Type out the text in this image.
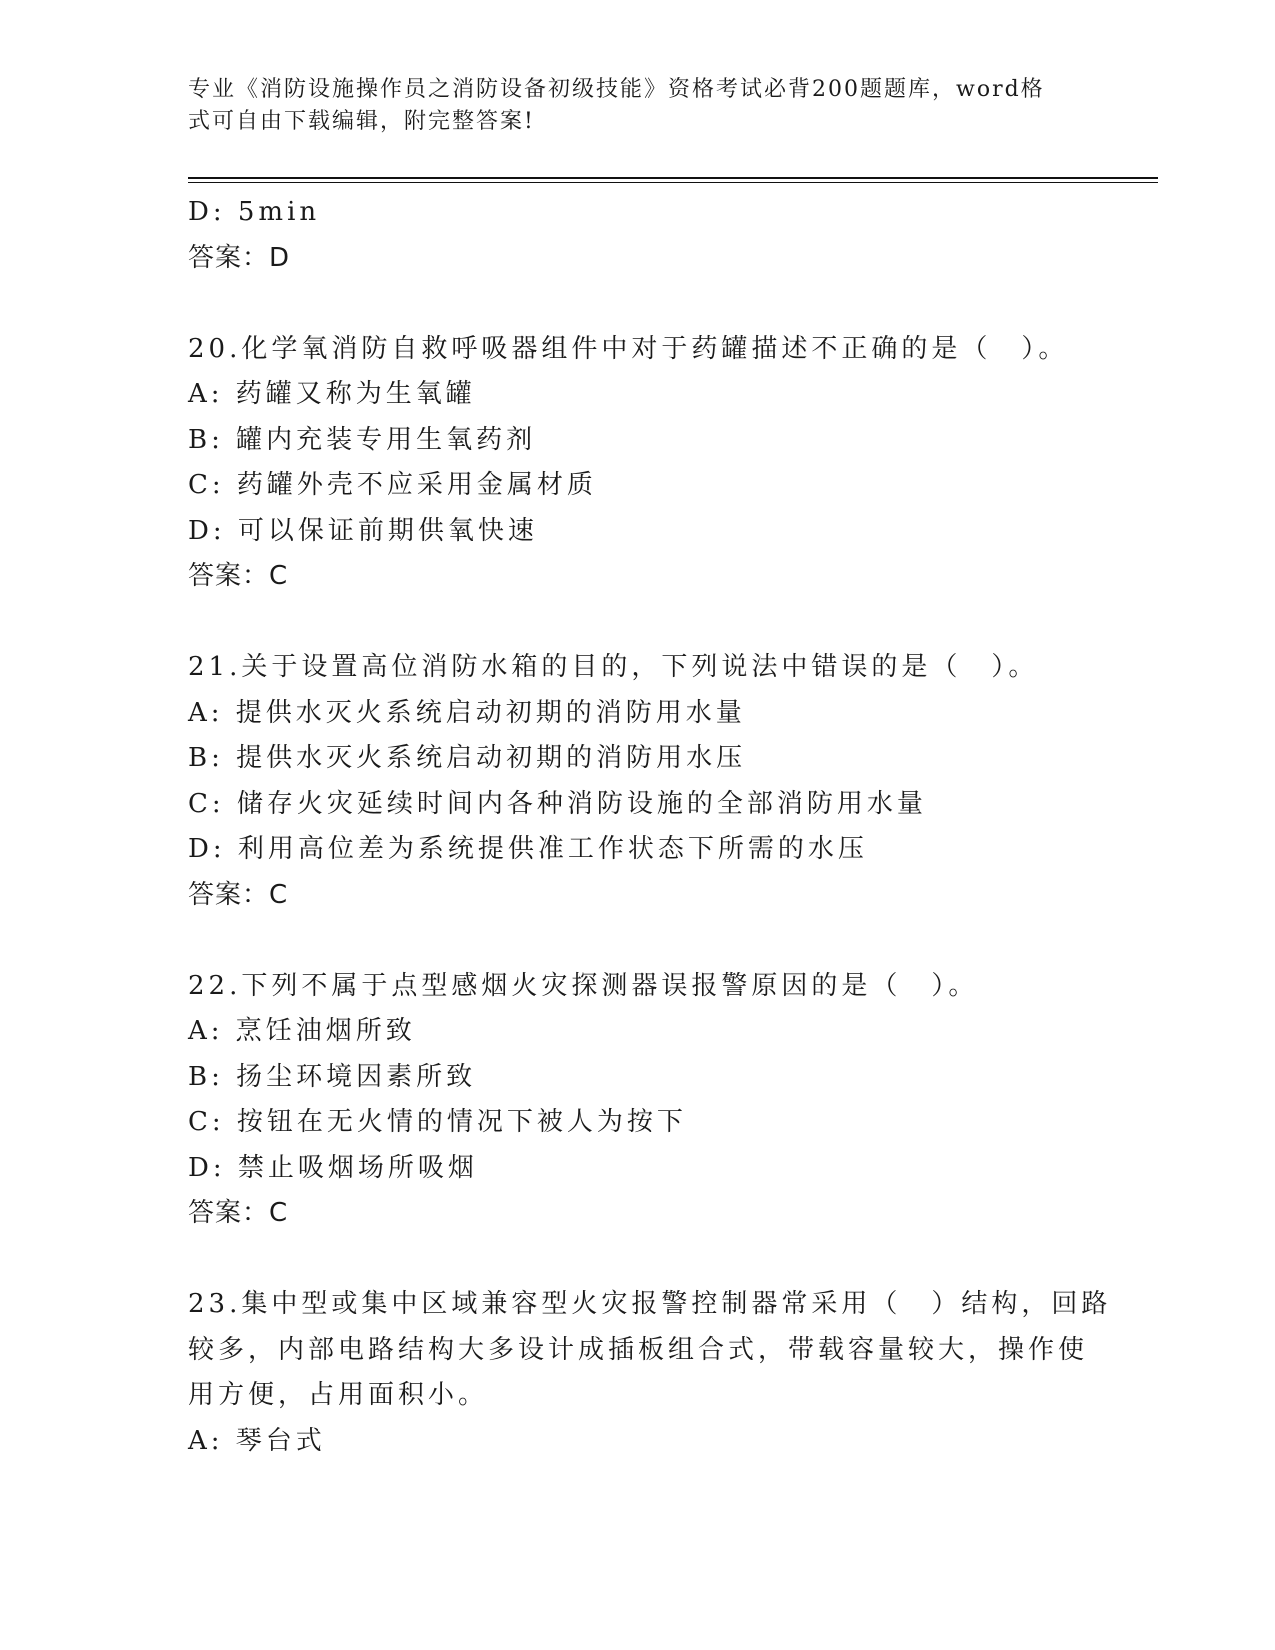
专业《消防设施操作员之消防设备初级技能》资格考试必背200题题库，word格
式可自由下载编辑，附完整答案!
D: 5min
答案：D
20.化学氧消防自救呼吸器组件中对于药罐描述不正确的是（　）。
A: 药罐又称为生氧罐
B: 罐内充装专用生氧药剂
C: 药罐外壳不应采用金属材质
D: 可以保证前期供氧快速
答案：C
21.关于设置高位消防水箱的目的，下列说法中错误的是（　）。
A: 提供水灭火系统启动初期的消防用水量
B: 提供水灭火系统启动初期的消防用水压
C: 储存火灾延续时间内各种消防设施的全部消防用水量
D: 利用高位差为系统提供准工作状态下所需的水压
答案：C
22.下列不属于点型感烟火灾探测器误报警原因的是（　）。
A: 烹饪油烟所致
B: 扬尘环境因素所致
C: 按钮在无火情的情况下被人为按下
D: 禁止吸烟场所吸烟
答案：C
23.集中型或集中区域兼容型火灾报警控制器常采用（　）结构，回路
较多，内部电路结构大多设计成插板组合式，带载容量较大，操作使
用方便，占用面积小。
A: 琴台式
